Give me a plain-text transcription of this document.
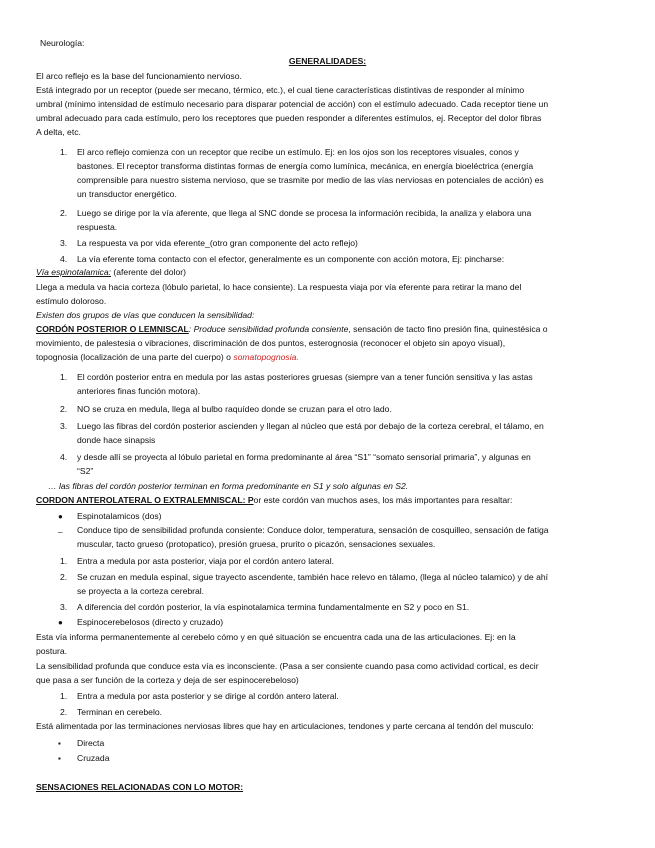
Neurología:
GENERALIDADES:
El arco reflejo es la base del funcionamiento nervioso.
Está integrado por un receptor (puede ser mecano, térmico, etc.), el cual tiene características distintivas de responder al mínimo
umbral (mínimo intensidad de estímulo necesario para disparar potencial de acción) con el estímulo adecuado. Cada receptor tiene un
umbral adecuado para cada estímulo, pero los receptores que pueden responder a diferentes estímulos, ej. Receptor del dolor fibras
A delta, etc.
1. El arco reflejo comienza con un receptor que recibe un estímulo. Ej: en los ojos son los receptores visuales, conos y
bastones. El receptor transforma distintas formas de energía como lumínica, mecánica, en energía bioeléctrica (energía
comprensible para nuestro sistema nervioso, que se trasmite por medio de las vías nerviosas en potenciales de acción) es
un transductor energético.
2. Luego se dirige por la vía aferente, que llega al SNC donde se procesa la información recibida, la analiza y elabora una
respuesta.
3. La respuesta va por vida eferente_(otro gran componente del acto reflejo)
4. La vía eferente toma contacto con el efector, generalmente es un componente con acción motora, Ej: pincharse:
Vía espinotalamica: (aferente del dolor)
Llega a medula va hacia corteza (lóbulo parietal, lo hace consiente). La respuesta viaja por vía eferente para retirar la mano del
estímulo doloroso.
Existen dos grupos de vías que conducen la sensibilidad:
CORDÓN POSTERIOR O LEMNISCAL: Produce sensibilidad profunda consiente, sensación de tacto fino presión fina, quinestésica o
movimiento, de palestesia o vibraciones, discriminación de dos puntos, esterognosia (reconocer el objeto sin apoyo visual),
topognosia (localización de una parte del cuerpo) o somatopognosia.
1. El cordón posterior entra en medula por las astas posteriores gruesas (siempre van a tener función sensitiva y las astas
anteriores finas función motora).
2. NO se cruza en medula, llega al bulbo raquídeo donde se cruzan para el otro lado.
3. Luego las fibras del cordón posterior ascienden y llegan al núcleo que está por debajo de la corteza cerebral, el tálamo, en
donde hace sinapsis
4. y desde allí se proyecta al lóbulo parietal en forma predominante al área “S1” “somato sensorial primaria”, y algunas en
“S2”
… las fibras del cordón posterior terminan en forma predominante en S1 y solo algunas en S2.
CORDON ANTEROLATERAL O EXTRALEMNISCAL: Por este cordón van muchos ases, los más importantes para resaltar:
● Espinotalamicos (dos)
_ Conduce tipo de sensibilidad profunda consiente: Conduce dolor, temperatura, sensación de cosquilleo, sensación de fatiga
muscular, tacto grueso (protopatico), presión gruesa, prurito o picazón, sensaciones sexuales.
1. Entra a medula por asta posterior, viaja por el cordón antero lateral.
2. Se cruzan en medula espinal, sigue trayecto ascendente, también hace relevo en tálamo, (llega al núcleo talamico) y de ahí
se proyecta a la corteza cerebral.
3. A diferencia del cordón posterior, la vía espinotalamica termina fundamentalmente en S2 y poco en S1.
● Espinocerebelosos (directo y cruzado)
Esta vía informa permanentemente al cerebelo cómo y en qué situación se encuentra cada una de las articulaciones. Ej: en la
postura.
La sensibilidad profunda que conduce esta vía es inconsciente. (Pasa a ser consiente cuando pasa como actividad cortical, es decir
que pasa a ser función de la corteza y deja de ser espinocerebeloso)
1. Entra a medula por asta posterior y se dirige al cordón antero lateral.
2. Terminan en cerebelo.
Está alimentada por las terminaciones nerviosas libres que hay en articulaciones, tendones y parte cercana al tendón del musculo:
▪ Directa
▪ Cruzada
SENSACIONES RELACIONADAS CON LO MOTOR:
